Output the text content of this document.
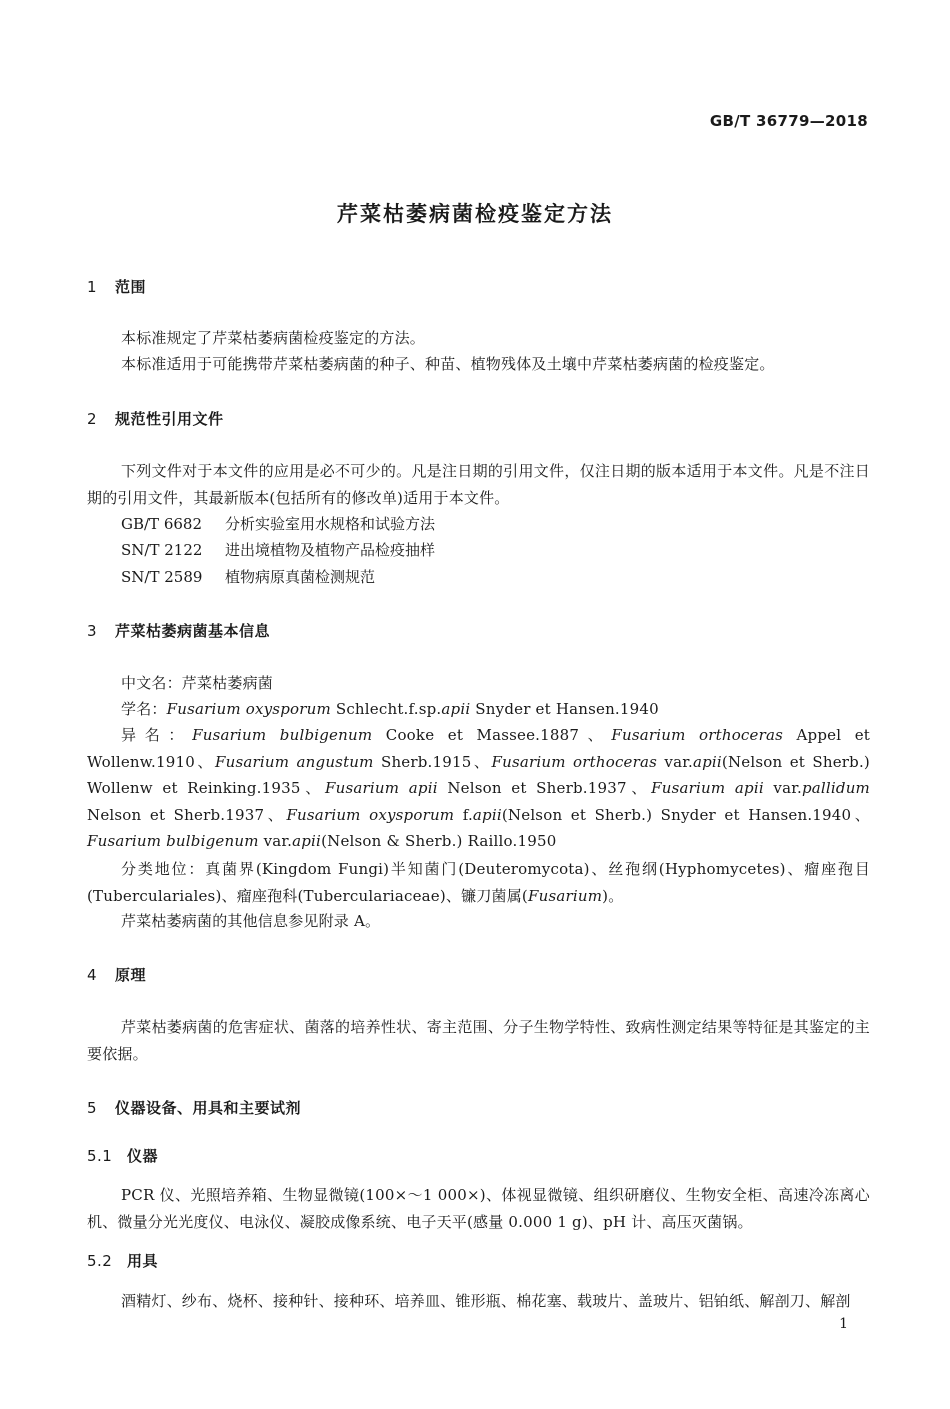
GB/T 36779—2018
芹菜枯萎病菌检疫鉴定方法
1 范围
本标准规定了芹菜枯萎病菌检疫鉴定的方法。
本标准适用于可能携带芹菜枯萎病菌的种子、种苗、植物残体及土壤中芹菜枯萎病菌的检疫鉴定。
2 规范性引用文件
下列文件对于本文件的应用是必不可少的。凡是注日期的引用文件，仅注日期的版本适用于本文件。凡是不注日期的引用文件，其最新版本(包括所有的修改单)适用于本文件。
GB/T 6682 分析实验室用水规格和试验方法
SN/T 2122 进出境植物及植物产品检疫抽样
SN/T 2589 植物病原真菌检测规范
3 芹菜枯萎病菌基本信息
中文名：芹菜枯萎病菌
学名：Fusarium oxysporum Schlecht.f.sp.apii Snyder et Hansen.1940
异名：Fusarium bulbigenum Cooke et Massee.1887、Fusarium orthoceras Appel et Wollenw.1910、Fusarium angustum Sherb.1915、Fusarium orthoceras var.apii(Nelson et Sherb.) Wollenw et Reinking.1935、Fusarium apii Nelson et Sherb.1937、Fusarium apii var.pallidum Nelson et Sherb.1937、Fusarium oxysporum f.apii(Nelson et Sherb.) Snyder et Hansen.1940、Fusarium bulbigenum var.apii(Nelson & Sherb.) Raillo.1950
分类地位：真菌界(Kingdom Fungi)半知菌门(Deuteromycota)、丝孢纲(Hyphomycetes)、瘤座孢目(Tuberculariales)、瘤座孢科(Tuberculariaceae)、镰刀菌属(Fusarium)。
芹菜枯萎病菌的其他信息参见附录 A。
4 原理
芹菜枯萎病菌的危害症状、菌落的培养性状、寄主范围、分子生物学特性、致病性测定结果等特征是其鉴定的主要依据。
5 仪器设备、用具和主要试剂
5.1 仪器
PCR 仪、光照培养箱、生物显微镜(100×～1 000×)、体视显微镜、组织研磨仪、生物安全柜、高速冷冻离心机、微量分光光度仪、电泳仪、凝胶成像系统、电子天平(感量 0.000 1 g)、pH 计、高压灭菌锅。
5.2 用具
酒精灯、纱布、烧杯、接种针、接种环、培养皿、锥形瓶、棉花塞、载玻片、盖玻片、铝铂纸、解剖刀、解剖
1
